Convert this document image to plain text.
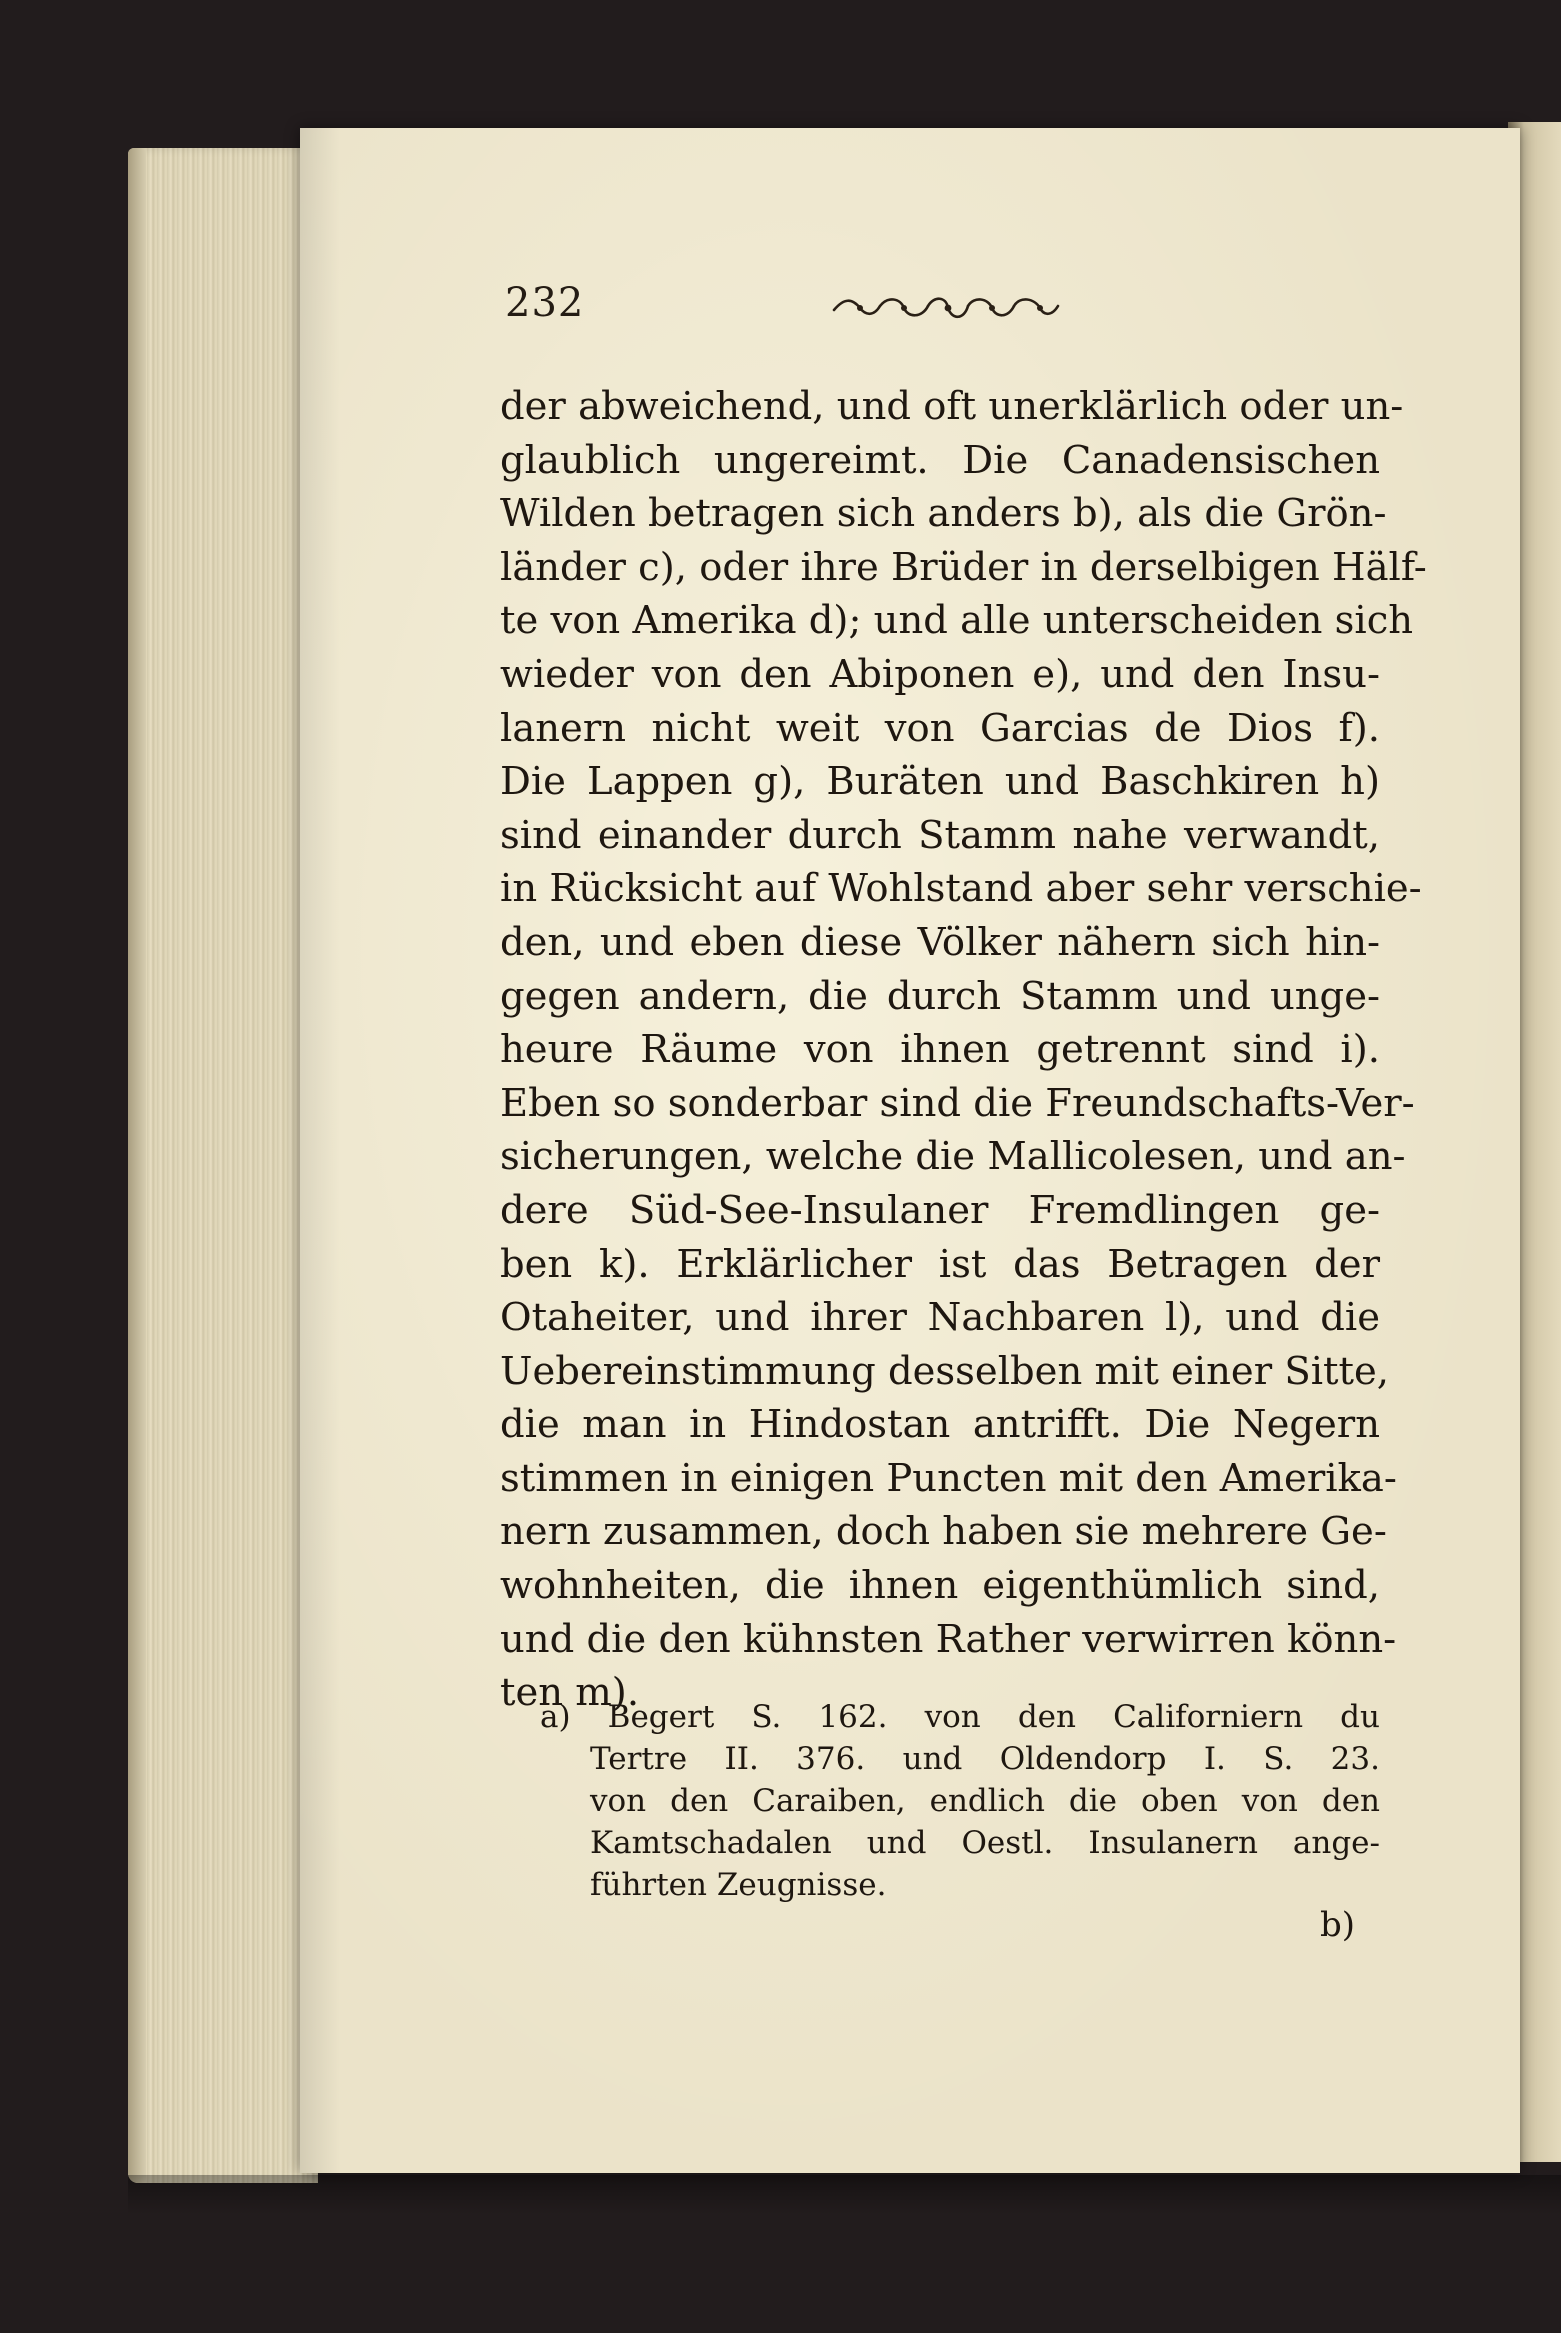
232
der abweichend, und oft unerklärlich oder un-
glaublich ungereimt. Die Canadensischen
Wilden betragen sich anders b), als die Grön-
länder c), oder ihre Brüder in derselbigen Hälf-
te von Amerika d); und alle unterscheiden sich
wieder von den Abiponen e), und den Insu-
lanern nicht weit von Garcias de Dios f).
Die Lappen g), Buräten und Baschkiren h)
sind einander durch Stamm nahe verwandt,
in Rücksicht auf Wohlstand aber sehr verschie-
den, und eben diese Völker nähern sich hin-
gegen andern, die durch Stamm und unge-
heure Räume von ihnen getrennt sind i).
Eben so sonderbar sind die Freundschafts-Ver-
sicherungen, welche die Mallicolesen, und an-
dere Süd-See-Insulaner Fremdlingen ge-
ben k). Erklärlicher ist das Betragen der
Otaheiter, und ihrer Nachbaren l), und die
Uebereinstimmung desselben mit einer Sitte,
die man in Hindostan antrifft. Die Negern
stimmen in einigen Puncten mit den Amerika-
nern zusammen, doch haben sie mehrere Ge-
wohnheiten, die ihnen eigenthümlich sind,
und die den kühnsten Rather verwirren könn-
ten m).
a) Begert S. 162. von den Californiern du
Tertre II. 376. und Oldendorp I. S. 23.
von den Caraiben, endlich die oben von den
Kamtschadalen und Oestl. Insulanern ange-
führten Zeugnisse.
b)
